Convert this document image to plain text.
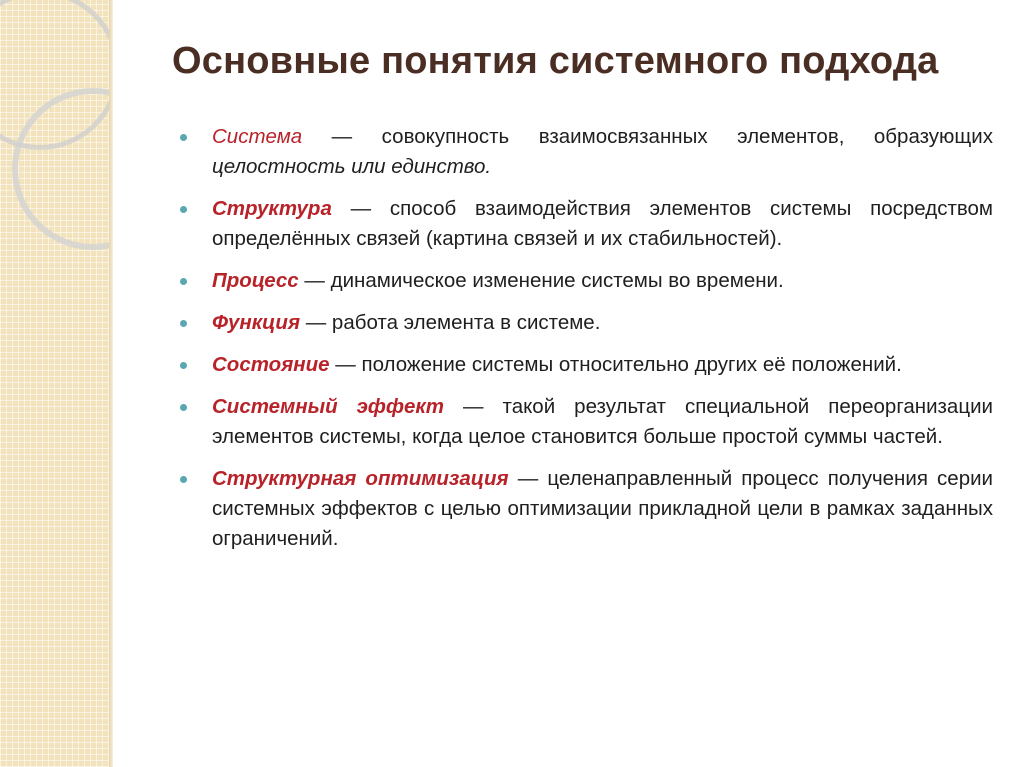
Основные понятия системного подхода
Система — совокупность взаимосвязанных элементов, образующих целостность или единство.
Структура — способ взаимодействия элементов системы посредством определённых связей (картина связей и их стабильностей).
Процесс — динамическое изменение системы во времени.
Функция — работа элемента в системе.
Состояние — положение системы относительно других её положений.
Системный эффект — такой результат специальной переорганизации элементов системы, когда целое становится больше простой суммы частей.
Структурная оптимизация — целенаправленный процесс получения серии системных эффектов с целью оптимизации прикладной цели в рамках заданных ограничений.
